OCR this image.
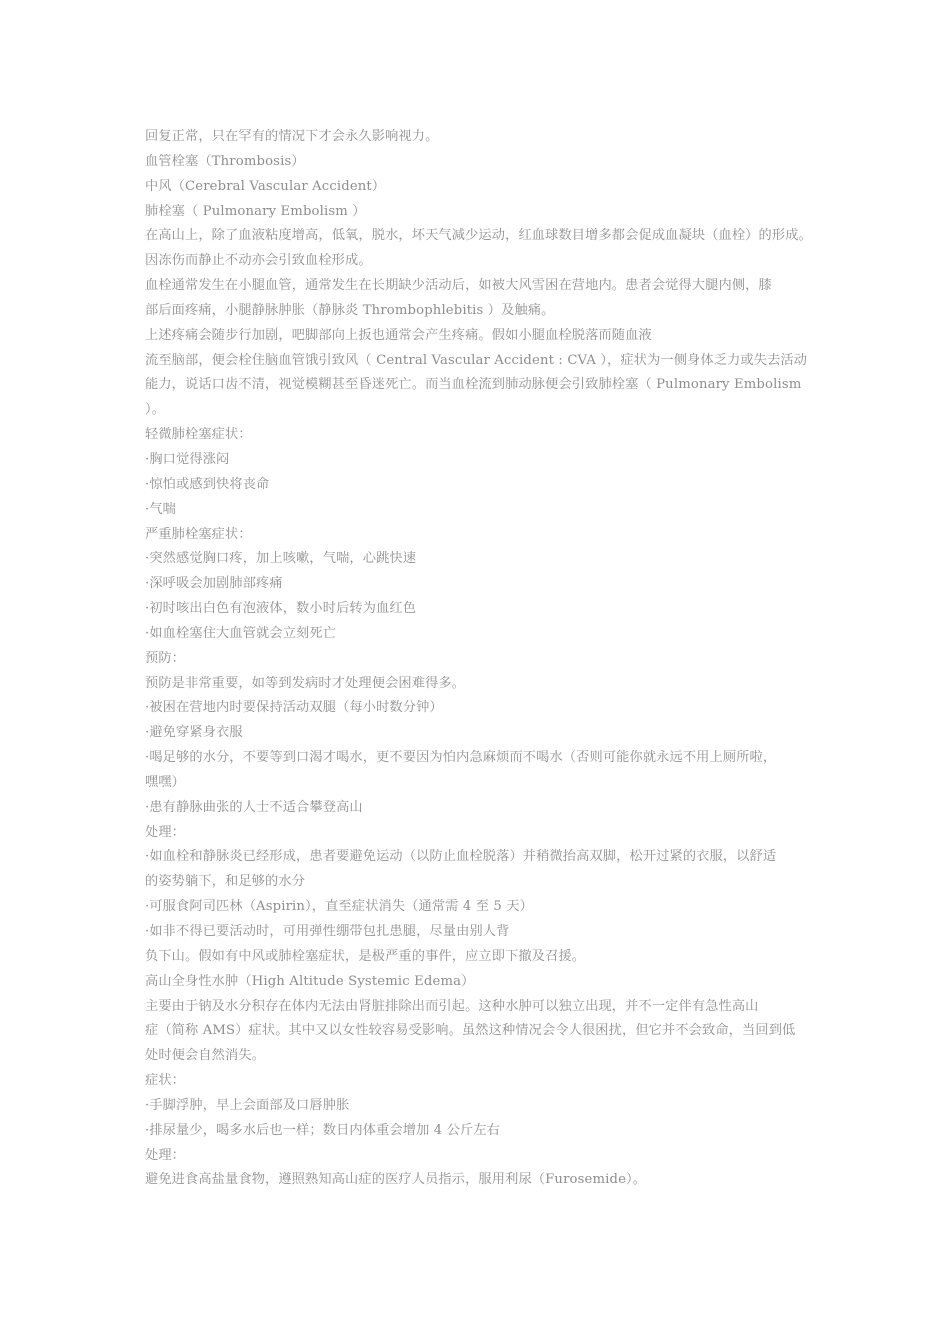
回复正常，只在罕有的情况下才会永久影响视力。
血管栓塞（Thrombosis）
中风（Cerebral Vascular Accident）
肺栓塞（ Pulmonary Embolism ）
在高山上，除了血液粘度增高，低氧，脱水，坏天气减少运动，红血球数目增多都会促成血凝块（血栓）的形成。
因冻伤而静止不动亦会引致血栓形成。
血栓通常发生在小腿血管，通常发生在长期缺少活动后，如被大风雪困在营地内。患者会觉得大腿内侧，膝
部后面疼痛，小腿静脉肿胀（静脉炎 Thrombophlebitis ）及触痛。
上述疼痛会随步行加剧，吧脚部向上扳也通常会产生疼痛。假如小腿血栓脱落而随血液
流至脑部，便会栓住脑血管饿引致风（ Central Vascular Accident : CVA ），症状为一侧身体乏力或失去活动
能力，说话口齿不清，视觉模糊甚至昏迷死亡。而当血栓流到肺动脉便会引致肺栓塞（ Pulmonary Embolism
）。
轻微肺栓塞症状：
·胸口觉得涨闷
·惊怕或感到快将丧命
·气喘
严重肺栓塞症状：
·突然感觉胸口疼，加上咳嗽，气喘，心跳快速
·深呼吸会加剧肺部疼痛
·初时咳出白色有泡液体，数小时后转为血红色
·如血栓塞住大血管就会立刻死亡
预防：
预防是非常重要，如等到发病时才处理便会困难得多。
·被困在营地内时要保持活动双腿（每小时数分钟）
·避免穿紧身衣服
·喝足够的水分，不要等到口渴才喝水，更不要因为怕内急麻烦而不喝水（否则可能你就永远不用上厕所啦，
嘿嘿）
·患有静脉曲张的人士不适合攀登高山
处理：
·如血栓和静脉炎已经形成，患者要避免运动（以防止血栓脱落）并稍微抬高双脚，松开过紧的衣服，以舒适
的姿势躺下，和足够的水分
·可服食阿司匹林（Aspirin），直至症状消失（通常需 4 至 5 天）
·如非不得已要活动时，可用弹性绷带包扎患腿，尽量由别人背
负下山。假如有中风或肺栓塞症状，是极严重的事件，应立即下撤及召援。
高山全身性水肿（High Altitude Systemic Edema）
主要由于钠及水分积存在体内无法由肾脏排除出而引起。这种水肿可以独立出现，并不一定伴有急性高山
症（简称 AMS）症状。其中又以女性较容易受影响。虽然这种情况会令人很困扰，但它并不会致命，当回到低
处时便会自然消失。
症状：
·手脚浮肿，早上会面部及口唇肿胀
·排尿量少，喝多水后也一样；数日内体重会增加 4 公斤左右
处理：
避免进食高盐量食物，遵照熟知高山症的医疗人员指示，服用利尿（Furosemide）。
